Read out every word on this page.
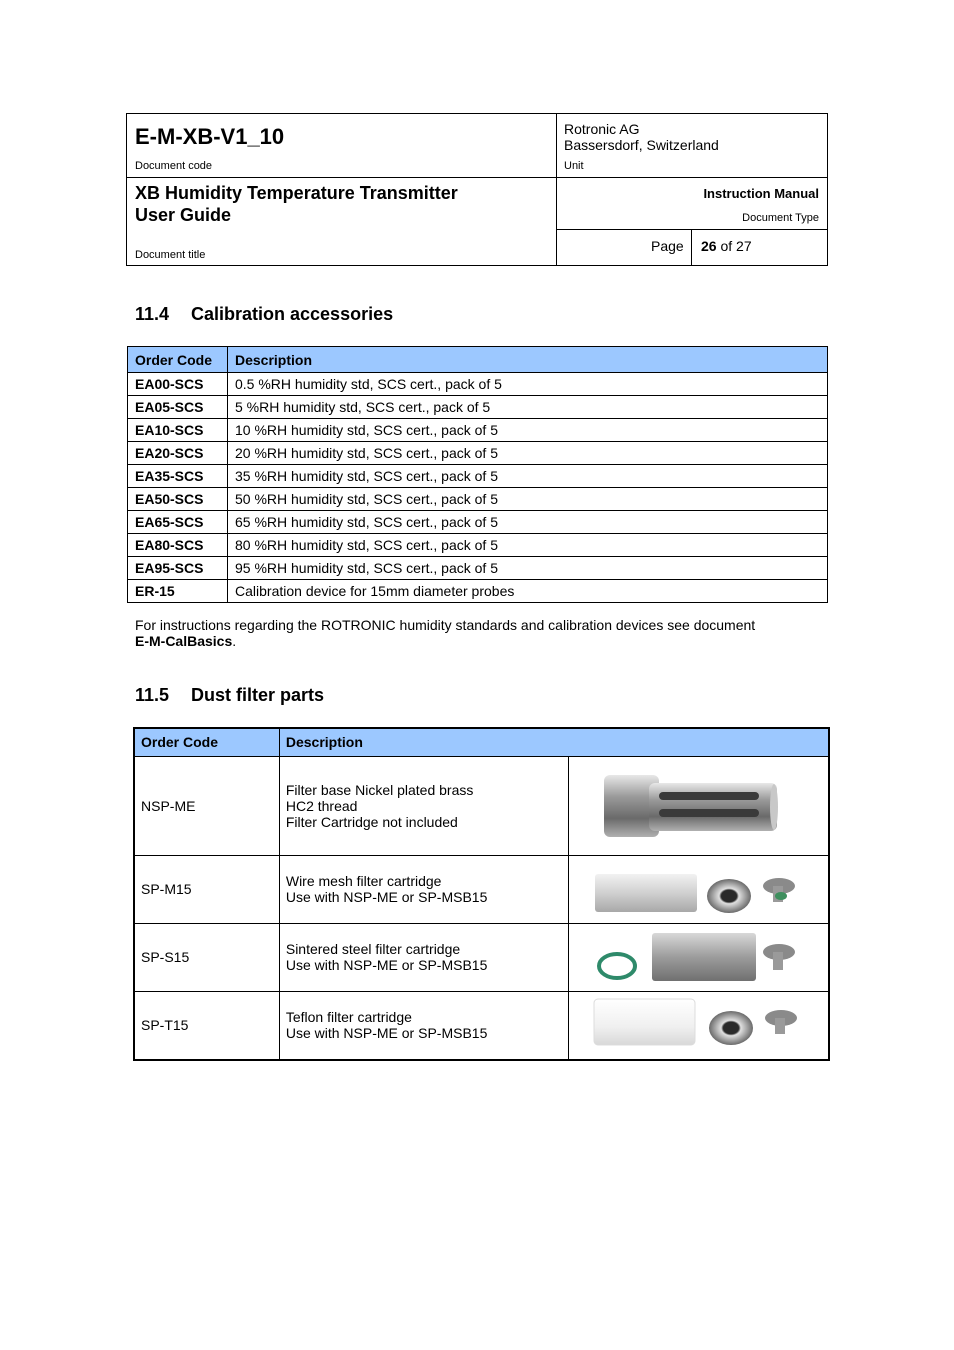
E-M-XB-V1_10
Document code
XB Humidity Temperature Transmitter
User Guide
Document title
Rotronic AG
Bassersdorf, Switzerland
Unit
Instruction Manual
Document Type
Page 26 of 27
11.4 Calibration accessories
Order Code	Description
EA00-SCS	0.5 %RH humidity std, SCS cert., pack of 5
EA05-SCS	5 %RH humidity std, SCS cert., pack of 5
EA10-SCS	10 %RH humidity std, SCS cert., pack of 5
EA20-SCS	20 %RH humidity std, SCS cert., pack of 5
EA35-SCS	35 %RH humidity std, SCS cert., pack of 5
EA50-SCS	50 %RH humidity std, SCS cert., pack of 5
EA65-SCS	65 %RH humidity std, SCS cert., pack of 5
EA80-SCS	80 %RH humidity std, SCS cert., pack of 5
EA95-SCS	95 %RH humidity std, SCS cert., pack of 5
ER-15	Calibration device for 15mm diameter probes
For instructions regarding the ROTRONIC humidity standards and calibration devices see document
E-M-CalBasics.
11.5 Dust filter parts
Order Code	Description	
NSP-ME	Filter base Nickel plated brass
HC2 thread
Filter Cartridge not included

SP-M15	Wire mesh filter cartridge
Use with NSP-ME or SP-MSB15

SP-S15	Sintered steel filter cartridge
Use with NSP-ME or SP-MSB15

SP-T15	Teflon filter cartridge
Use with NSP-ME or SP-MSB15
